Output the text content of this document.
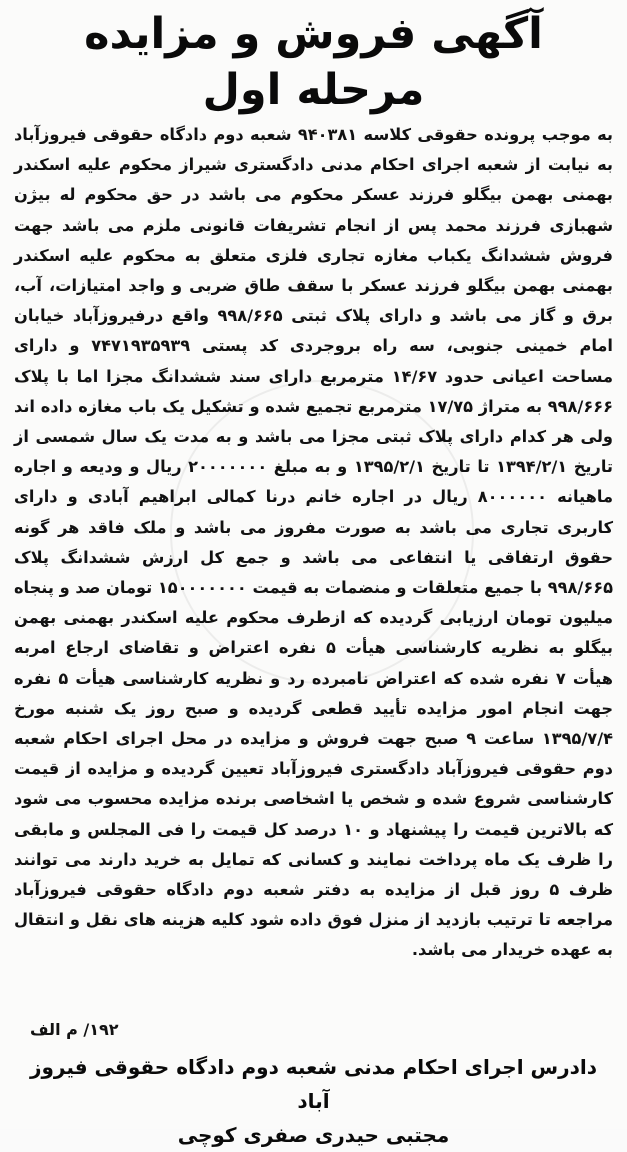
آگهی فروش و مزایده مرحله اول

به موجب پرونده حقوقی کلاسه ۹۴۰۳۸۱ شعبه دوم دادگاه حقوقی فیروزآباد به نیابت از شعبه اجرای احکام مدنی دادگستری شیراز محکوم علیه اسکندر بهمنی بهمن بیگلو فرزند عسکر محکوم می باشد در حق محکوم له بیژن شهبازی فرزند محمد پس از انجام تشریفات قانونی ملزم می باشد جهت فروش ششدانگ یکباب مغازه تجاری فلزی متعلق به محکوم علیه اسکندر بهمنی بهمن بیگلو فرزند عسکر با سقف طاق ضربی و واجد امتیازات، آب، برق و گاز می باشد و دارای پلاک ثبتی ۹۹۸/۶۶۵ واقع درفیروزآباد خیابان امام خمینی جنوبی، سه راه بروجردی کد پستی ۷۴۷۱۹۳۵۹۳۹ و دارای مساحت اعیانی حدود ۱۴/۶۷ مترمربع دارای سند ششدانگ مجزا اما با پلاک ۹۹۸/۶۶۶ به متراژ ۱۷/۷۵ مترمربع تجمیع شده و تشکیل یک باب مغازه داده اند ولی هر کدام دارای پلاک ثبتی مجزا می باشد و به مدت یک سال شمسی از تاریخ ۱۳۹۴/۲/۱ تا تاریخ ۱۳۹۵/۲/۱ و به مبلغ ۲۰۰۰۰۰۰۰ ریال و ودیعه و اجاره ماهیانه ۸۰۰۰۰۰۰ ریال در اجاره خانم درنا کمالی ابراهیم آبادی و دارای کاربری تجاری می باشد به صورت مفروز می باشد و ملک فاقد هر گونه حقوق ارتفاقی یا انتفاعی می باشد و جمع کل ارزش ششدانگ پلاک ۹۹۸/۶۶۵ با جمیع متعلقات و منضمات به قیمت ۱۵۰۰۰۰۰۰۰ تومان صد و پنجاه میلیون تومان ارزیابی گردیده که ازطرف محکوم علیه اسکندر بهمنی بهمن بیگلو به نظریه کارشناسی هیأت ۵ نفره اعتراض و تقاضای ارجاع امربه هیأت ۷ نفره شده که اعتراض نامبرده رد و نظریه کارشناسی هیأت ۵ نفره جهت انجام امور مزایده تأیید قطعی گردیده و صبح روز یک شنبه مورخ ۱۳۹۵/۷/۴ ساعت ۹ صبح جهت فروش و مزایده در محل اجرای احکام شعبه دوم حقوقی فیروزآباد دادگستری فیروزآباد تعیین گردیده و مزایده از قیمت کارشناسی شروع شده و شخص یا اشخاصی برنده مزایده محسوب می شود که بالاترین قیمت را پیشنهاد و ۱۰ درصد کل قیمت را فی المجلس و مابقی را ظرف یک ماه پرداخت نمایند و کسانی که تمایل به خرید دارند می توانند ظرف ۵ روز قبل از مزایده به دفتر شعبه دوم دادگاه حقوقی فیروزآباد مراجعه تا ترتیب بازدید از منزل فوق داده شود کلیه هزینه های نقل و انتقال به عهده خریدار می باشد.

۱۹۲/ م الف
دادرس اجرای احکام مدنی شعبه دوم دادگاه حقوقی فیروز آباد
مجتبی حیدری صفری کوچی
